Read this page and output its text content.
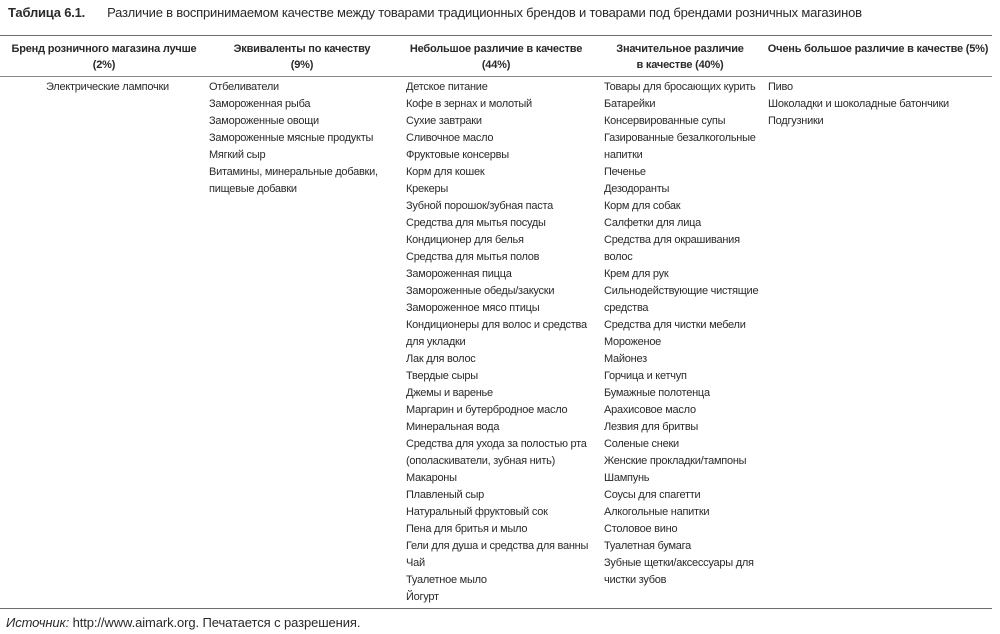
Таблица 6.1. Различие в воспринимаемом качестве между товарами традиционных брендов и товарами под брендами розничных магазинов
Бренд розничного магазина лучше
(2%)
Эквиваленты по качеству
(9%)
Небольшое различие в качестве
(44%)
Значительное различие
в качестве (40%)
Очень большое различие в качестве (5%)
Электрические лампочки	Отбеливатели
Замороженная рыба
Замороженные овощи
Замороженные мясные продукты
Мягкий сыр
Витамины, минеральные добавки,
пищевые добавки
Детское питание
Кофе в зернах и молотый
Сухие завтраки
Сливочное масло
Фруктовые консервы
Корм для кошек
Крекеры
Зубной порошок/зубная паста
Средства для мытья посуды
Кондиционер для белья
Средства для мытья полов
Замороженная пицца
Замороженные обеды/закуски
Замороженное мясо птицы
Кондиционеры для волос и средства
для укладки
Лак для волос
Твердые сыры
Джемы и варенье
Маргарин и бутербродное масло
Минеральная вода
Средства для ухода за полостью рта
(ополаскиватели, зубная нить)
Макароны
Плавленый сыр
Натуральный фруктовый сок
Пена для бритья и мыло
Гели для душа и средства для ванны
Чай
Туалетное мыло
Йогурт
Товары для бросающих курить
Батарейки
Консервированные супы
Газированные безалкогольные
напитки
Печенье
Дезодоранты
Корм для собак
Салфетки для лица
Средства для окрашивания
волос
Крем для рук
Сильнодействующие чистящие
средства
Средства для чистки мебели
Мороженое
Майонез
Горчица и кетчуп
Бумажные полотенца
Арахисовое масло
Лезвия для бритвы
Соленые снеки
Женские прокладки/тампоны
Шампунь
Соусы для спагетти
Алкогольные напитки
Столовое вино
Туалетная бумага
Зубные щетки/аксессуары для
чистки зубов
Пиво
Шоколадки и шоколадные батончики
Подгузники
Источник: http://www.aimark.org. Печатается с разрешения.
